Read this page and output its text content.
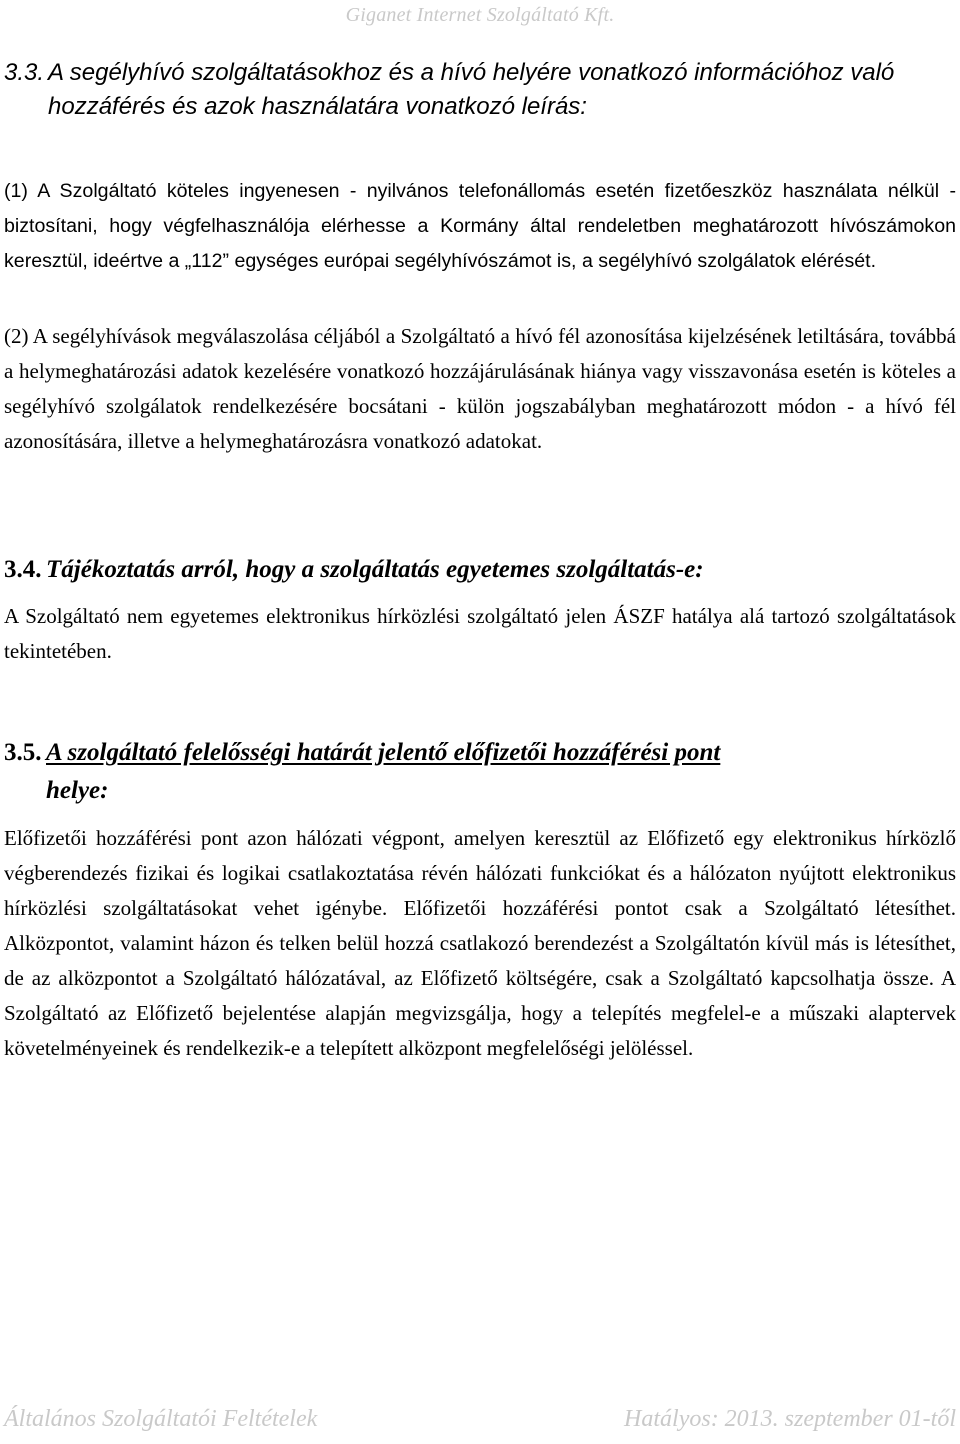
Giganet Internet Szolgáltató Kft.
3.3. A segélyhívó szolgáltatásokhoz és a hívó helyére vonatkozó információhoz való hozzáférés és azok használatára vonatkozó leírás:

(1) A Szolgáltató köteles ingyenesen - nyilvános telefonállomás esetén fizetőeszköz használata nélkül - biztosítani, hogy végfelhasználója elérhesse a Kormány által rendeletben meghatározott hívószámokon keresztül, ideértve a „112” egységes európai segélyhívószámot is, a segélyhívó szolgálatok elérését.

(2) A segélyhívások megválaszolása céljából a Szolgáltató a hívó fél azonosítása kijelzésének letiltására, továbbá a helymeghatározási adatok kezelésére vonatkozó hozzájárulásának hiánya vagy visszavonása esetén is köteles a segélyhívó szolgálatok rendelkezésére bocsátani - külön jogszabályban meghatározott módon - a hívó fél azonosítására, illetve a helymeghatározásra vonatkozó adatokat.

3.4. Tájékoztatás arról, hogy a szolgáltatás egyetemes szolgáltatás-e:

A Szolgáltató nem egyetemes elektronikus hírközlési szolgáltató jelen ÁSZF hatálya alá tartozó szolgáltatások tekintetében.

3.5. A szolgáltató felelősségi határát jelentő előfizetői hozzáférési pont
helye:

Előfizetői hozzáférési pont azon hálózati végpont, amelyen keresztül az Előfizető egy elektronikus hírközlő végberendezés fizikai és logikai csatlakoztatása révén hálózati funkciókat és a hálózaton nyújtott elektronikus hírközlési szolgáltatásokat vehet igénybe. Előfizetői hozzáférési pontot csak a Szolgáltató létesíthet. Alközpontot, valamint házon és telken belül hozzá csatlakozó berendezést a Szolgáltatón kívül más is létesíthet, de az alközpontot a Szolgáltató hálózatával, az Előfizető költségére, csak a Szolgáltató kapcsolhatja össze. A Szolgáltató az Előfizető bejelentése alapján megvizsgálja, hogy a telepítés megfelel-e a műszaki alaptervek követelményeinek és rendelkezik-e a telepített alközpont megfelelőségi jelöléssel.

Általános Szolgáltatói Feltételek	Hatályos: 2013. szeptember 01-től
